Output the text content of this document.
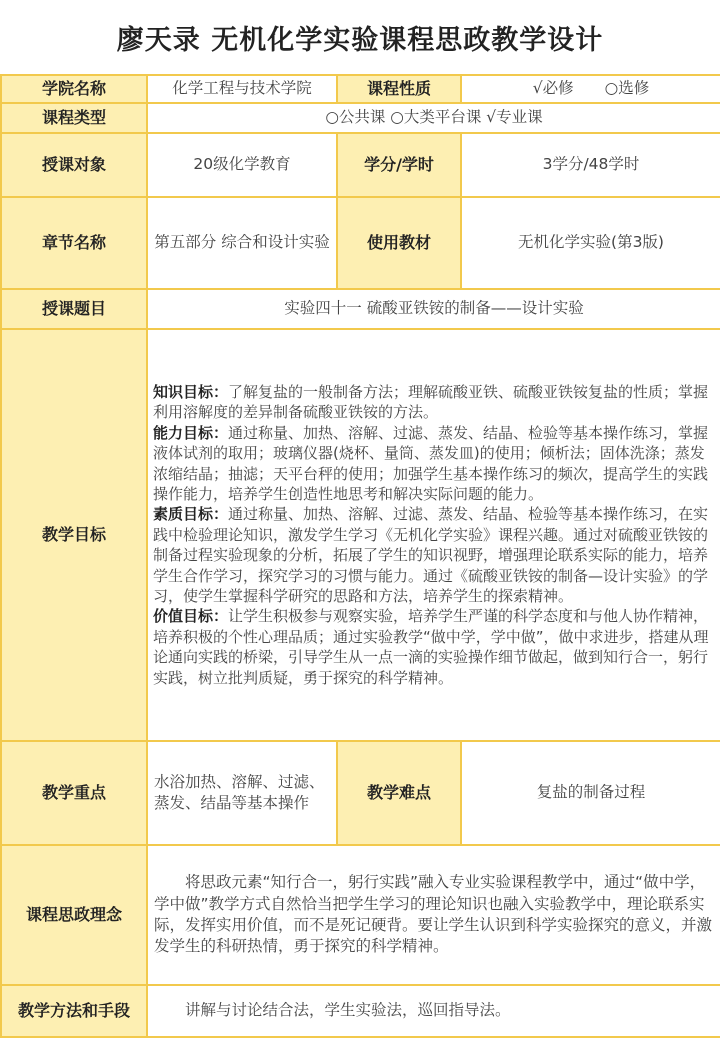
廖天录 无机化学实验课程思政教学设计
学院名称	化学工程与技术学院	课程性质	√必修　　○选修
课程类型	○公共课 ○大类平台课 √专业课		
授课对象	20级化学教育	学分/学时	3学分/48学时
章节名称	第五部分 综合和设计实验	使用教材	无机化学实验(第3版)
授课题目	实验四十一 硫酸亚铁铵的制备——设计实验		
教学目标	知识目标：了解复盐的一般制备方法；理解硫酸亚铁、硫酸亚铁铵复盐的性质；掌握利用溶解度的差异制备硫酸亚铁铵的方法。

能力目标：通过称量、加热、溶解、过滤、蒸发、结晶、检验等基本操作练习，掌握液体试剂的取用；玻璃仪器(烧杯、量筒、蒸发皿)的使用；倾析法；固体洗涤；蒸发浓缩结晶；抽滤；天平台秤的使用；加强学生基本操作练习的频次，提高学生的实践操作能力，培养学生创造性地思考和解决实际问题的能力。

素质目标：通过称量、加热、溶解、过滤、蒸发、结晶、检验等基本操作练习，在实践中检验理论知识，激发学生学习《无机化学实验》课程兴趣。通过对硫酸亚铁铵的制备过程实验现象的分析，拓展了学生的知识视野，增强理论联系实际的能力，培养学生合作学习，探究学习的习惯与能力。通过《硫酸亚铁铵的制备—设计实验》的学习，使学生掌握科学研究的思路和方法，培养学生的探索精神。

价值目标：让学生积极参与观察实验，培养学生严谨的科学态度和与他人协作精神，培养积极的个性心理品质；通过实验教学“做中学，学中做”，做中求进步，搭建从理论通向实践的桥梁，引导学生从一点一滴的实验操作细节做起，做到知行合一，躬行实践，树立批判质疑，勇于探究的科学精神。		

教学重点	水浴加热、溶解、过滤、蒸发、结晶等基本操作	教学难点	复盐的制备过程
课程思政理念	将思政元素“知行合一，躬行实践”融入专业实验课程教学中，通过“做中学，学中做”教学方式自然恰当把学生学习的理论知识也融入实验教学中，理论联系实际，发挥实用价值，而不是死记硬背。要让学生认识到科学实验探究的意义，并激发学生的科研热情，勇于探究的科学精神。		
教学方法和手段	讲解与讨论结合法，学生实验法，巡回指导法。		
